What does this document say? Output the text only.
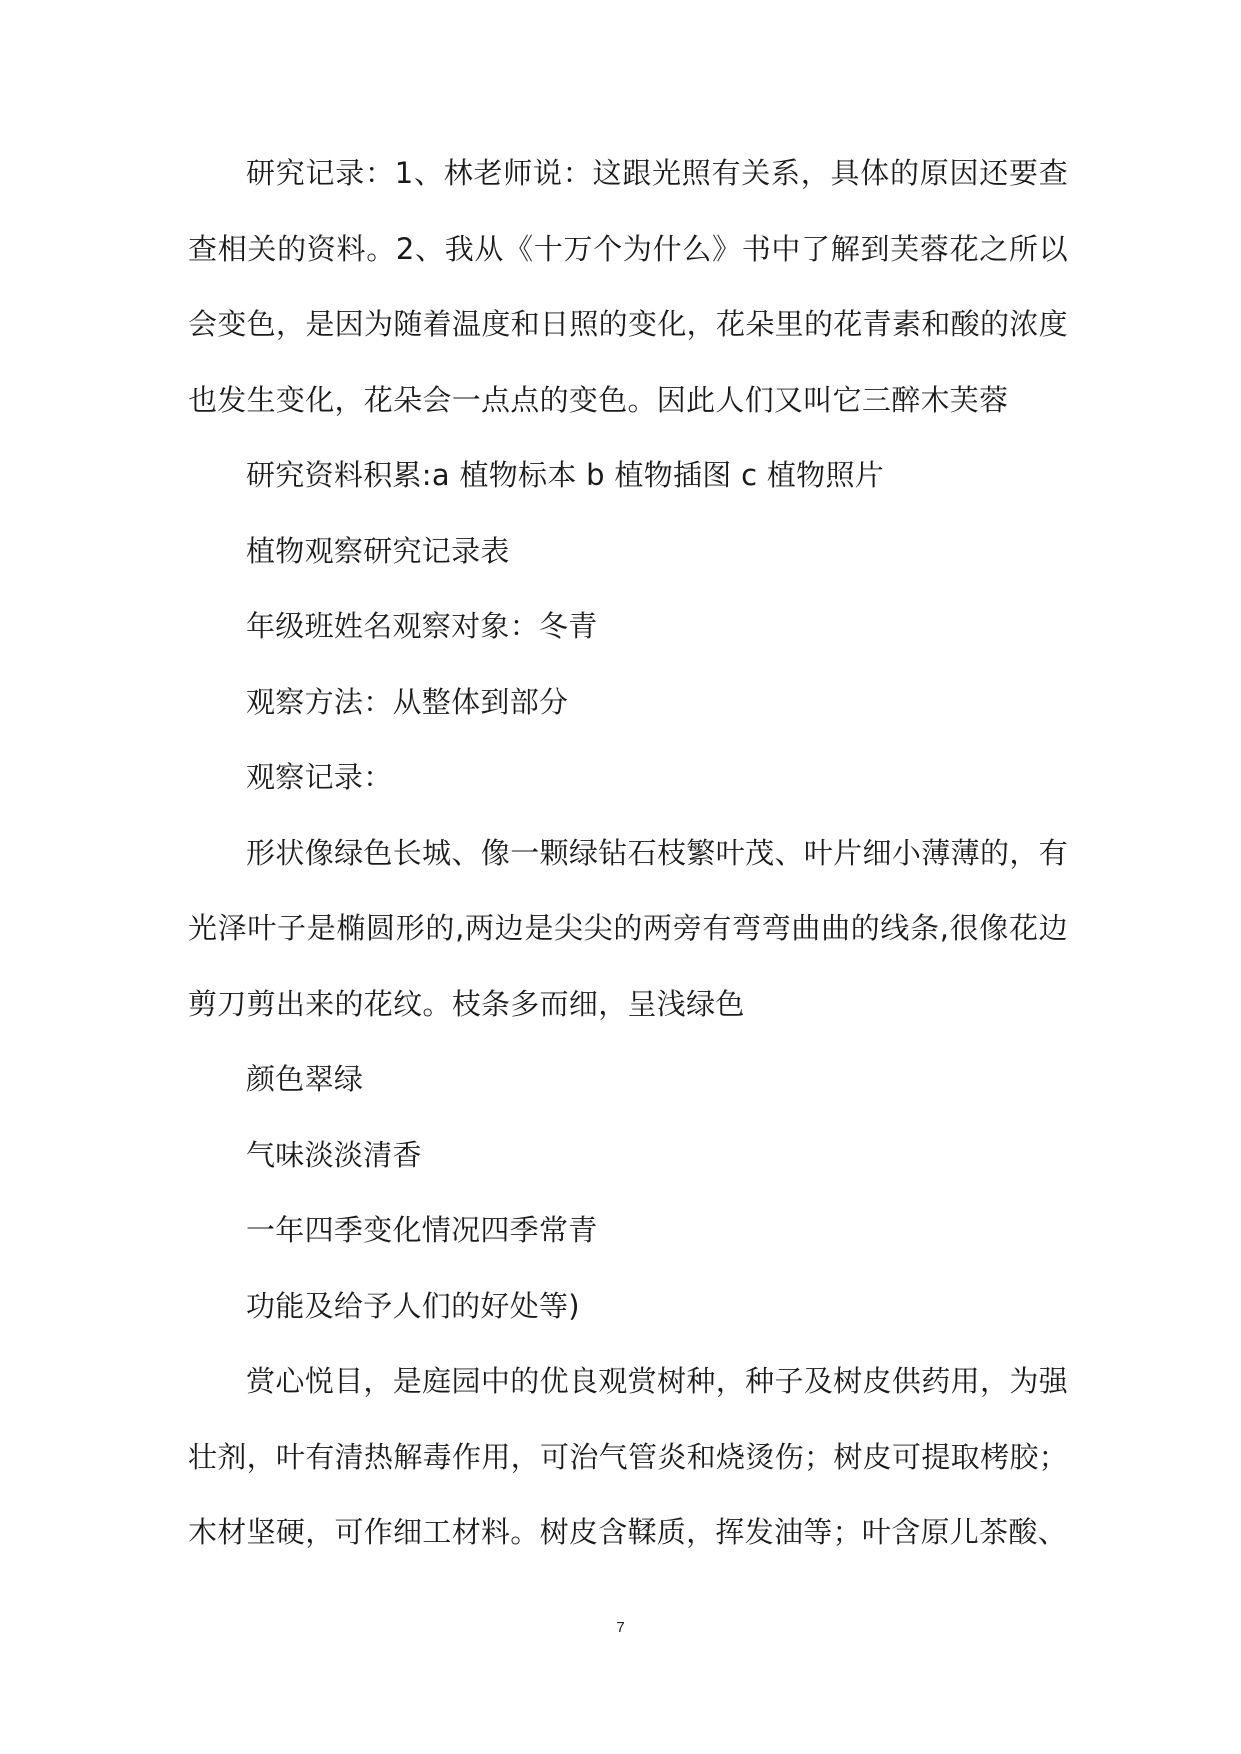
研究记录：1、林老师说：这跟光照有关系，具体的原因还要查查相关的资料。2、我从《十万个为什么》书中了解到芙蓉花之所以会变色，是因为随着温度和日照的变化，花朵里的花青素和酸的浓度也发生变化，花朵会一点点的变色。因此人们又叫它三醉木芙蓉

研究资料积累:a 植物标本 b 植物插图 c 植物照片

植物观察研究记录表

年级班姓名观察对象：冬青

观察方法：从整体到部分

观察记录：

形状像绿色长城、像一颗绿钻石枝繁叶茂、叶片细小薄薄的，有光泽叶子是椭圆形的,两边是尖尖的两旁有弯弯曲曲的线条,很像花边剪刀剪出来的花纹。枝条多而细，呈浅绿色

颜色翠绿

气味淡淡清香

一年四季变化情况四季常青

功能及给予人们的好处等)

赏心悦目，是庭园中的优良观赏树种，种子及树皮供药用，为强壮剂，叶有清热解毒作用，可治气管炎和烧烫伤；树皮可提取栲胶；木材坚硬，可作细工材料。树皮含鞣质，挥发油等；叶含原儿茶酸、

7
